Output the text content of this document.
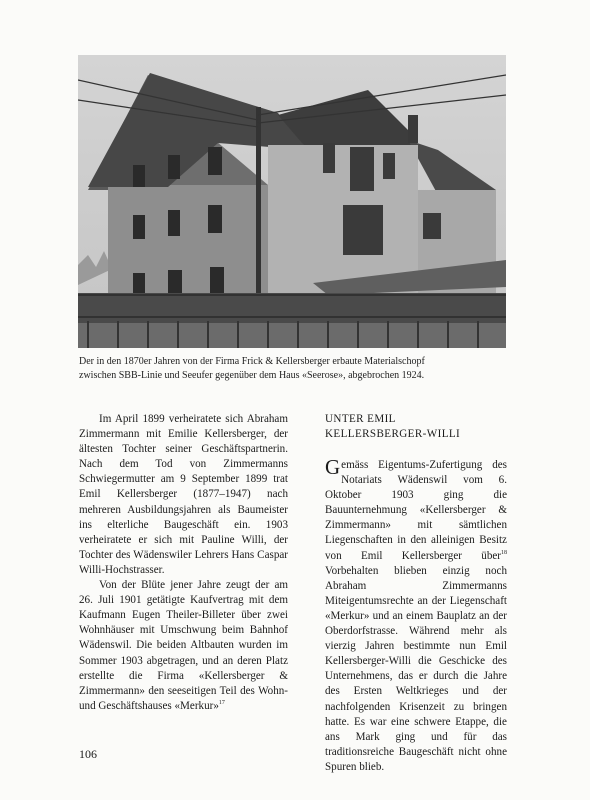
Der in den 1870er Jahren von der Firma Frick & Kellersberger erbaute Materialschopf
zwischen SBB-Linie und Seeufer gegenüber dem Haus «Seerose», abgebrochen 1924.

Im April 1899 verheiratete sich Abraham Zimmermann mit Emilie Kellersberger, der ältesten Tochter seiner Geschäftspartnerin. Nach dem Tod von Zimmermanns Schwiegermutter am 9 September 1899 trat Emil Kellersberger (1877–1947) nach mehreren Ausbildungsjahren als Baumeister ins elterliche Baugeschäft ein. 1903 verheiratete er sich mit Pauline Willi, der Tochter des Wädenswiler Lehrers Hans Caspar Willi-Hochstrasser.

Von der Blüte jener Jahre zeugt der am 26. Juli 1901 getätigte Kaufvertrag mit dem Kaufmann Eugen Theiler-Billeter über zwei Wohnhäuser mit Umschwung beim Bahnhof Wädenswil. Die beiden Altbauten wurden im Sommer 1903 abgetragen, und an deren Platz erstellte die Firma «Kellersberger & Zimmermann» den seeseitigen Teil des Wohn- und Geschäftshauses «Merkur»$^{17}$

UNTER EMIL
KELLERSBERGER-WILLI

Gemäss Eigentums-Zufertigung des Notariats Wädenswil vom 6. Oktober 1903 ging die Bauunternehmung «Kellersberger & Zimmermann» mit sämtlichen Liegenschaften in den alleinigen Besitz von Emil Kellersberger über$^{18}$ Vorbehalten blieben einzig noch Abraham Zimmermanns Miteigentumsrechte an der Liegenschaft «Merkur» und an einem Bauplatz an der Oberdorfstrasse. Während mehr als vierzig Jahren bestimmte nun Emil Kellersberger-Willi die Geschicke des Unternehmens, das er durch die Jahre des Ersten Weltkrieges und der nachfolgenden Krisenzeit zu bringen hatte. Es war eine schwere Etappe, die ans Mark ging und für das traditionsreiche Baugeschäft nicht ohne Spuren blieb.

106
